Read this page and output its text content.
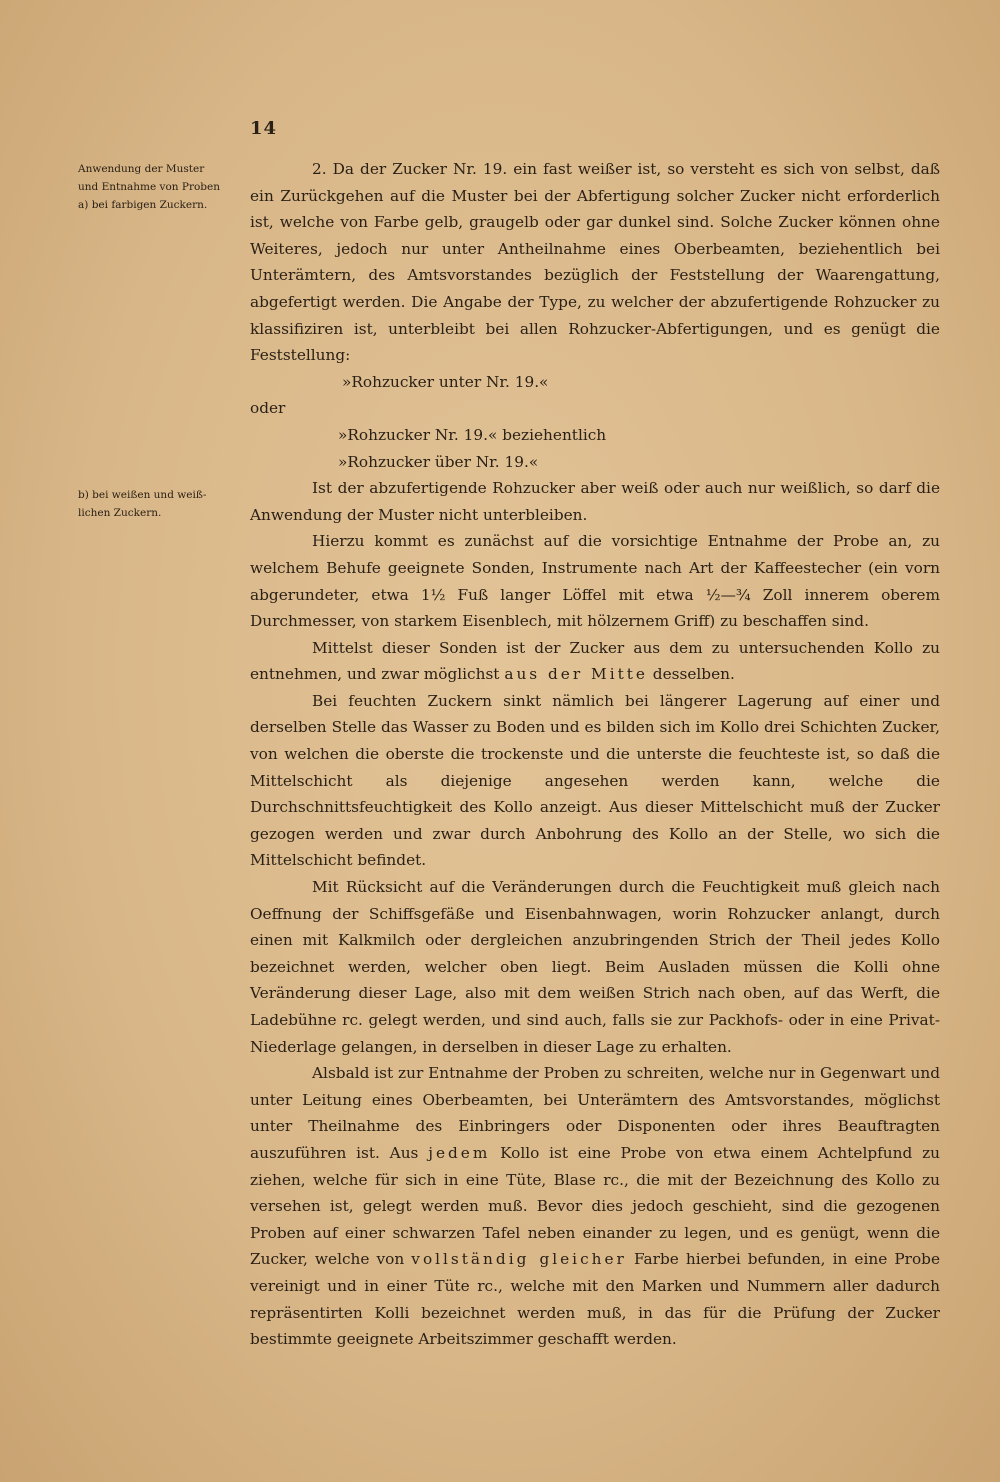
14
Anwendung der Muster
und Entnahme von Proben
a) bei farbigen Zuckern.
b) bei weißen und weiß-
lichen Zuckern.

2. Da der Zucker Nr. 19. ein fast weißer ist, so versteht es sich von selbst, daß ein Zurückgehen auf die Muster bei der Abfertigung solcher Zucker nicht erforderlich ist, welche von Farbe gelb, graugelb oder gar dunkel sind. Solche Zucker können ohne Weiteres, jedoch nur unter Antheilnahme eines Oberbeamten, beziehentlich bei Unterämtern, des Amtsvorstandes bezüglich der Feststellung der Waarengattung, abgefertigt werden. Die Angabe der Type, zu welcher der abzufertigende Rohzucker zu klassifiziren ist, unterbleibt bei allen Rohzucker-Abfertigungen, und es genügt die Feststellung:

»Rohzucker unter Nr. 19.«

oder

»Rohzucker Nr. 19.« beziehentlich

»Rohzucker über Nr. 19.«

Ist der abzufertigende Rohzucker aber weiß oder auch nur weißlich, so darf die Anwendung der Muster nicht unterbleiben.

Hierzu kommt es zunächst auf die vorsichtige Entnahme der Probe an, zu welchem Behufe geeignete Sonden, Instrumente nach Art der Kaffeestecher (ein vorn abgerundeter, etwa 1½ Fuß langer Löffel mit etwa ½—¾ Zoll innerem oberem Durchmesser, von starkem Eisenblech, mit hölzernem Griff) zu beschaffen sind.

Mittelst dieser Sonden ist der Zucker aus dem zu untersuchenden Kollo zu entnehmen, und zwar möglichst aus der Mitte desselben.

Bei feuchten Zuckern sinkt nämlich bei längerer Lagerung auf einer und derselben Stelle das Wasser zu Boden und es bilden sich im Kollo drei Schichten Zucker, von welchen die oberste die trockenste und die unterste die feuchteste ist, so daß die Mittelschicht als diejenige angesehen werden kann, welche die Durchschnittsfeuchtigkeit des Kollo anzeigt. Aus dieser Mittelschicht muß der Zucker gezogen werden und zwar durch Anbohrung des Kollo an der Stelle, wo sich die Mittelschicht befindet.

Mit Rücksicht auf die Veränderungen durch die Feuchtigkeit muß gleich nach Oeffnung der Schiffsgefäße und Eisenbahnwagen, worin Rohzucker anlangt, durch einen mit Kalkmilch oder dergleichen anzubringenden Strich der Theil jedes Kollo bezeichnet werden, welcher oben liegt. Beim Ausladen müssen die Kolli ohne Veränderung dieser Lage, also mit dem weißen Strich nach oben, auf das Werft, die Ladebühne rc. gelegt werden, und sind auch, falls sie zur Packhofs- oder in eine Privat-Niederlage gelangen, in derselben in dieser Lage zu erhalten.

Alsbald ist zur Entnahme der Proben zu schreiten, welche nur in Gegenwart und unter Leitung eines Oberbeamten, bei Unterämtern des Amtsvorstandes, möglichst unter Theilnahme des Einbringers oder Disponenten oder ihres Beauftragten auszuführen ist. Aus jedem Kollo ist eine Probe von etwa einem Achtelpfund zu ziehen, welche für sich in eine Tüte, Blase rc., die mit der Bezeichnung des Kollo zu versehen ist, gelegt werden muß. Bevor dies jedoch geschieht, sind die gezogenen Proben auf einer schwarzen Tafel neben einander zu legen, und es genügt, wenn die Zucker, welche von vollständig gleicher Farbe hierbei befunden, in eine Probe vereinigt und in einer Tüte rc., welche mit den Marken und Nummern aller dadurch repräsentirten Kolli bezeichnet werden muß, in das für die Prüfung der Zucker bestimmte geeignete Arbeitszimmer geschafft werden.
